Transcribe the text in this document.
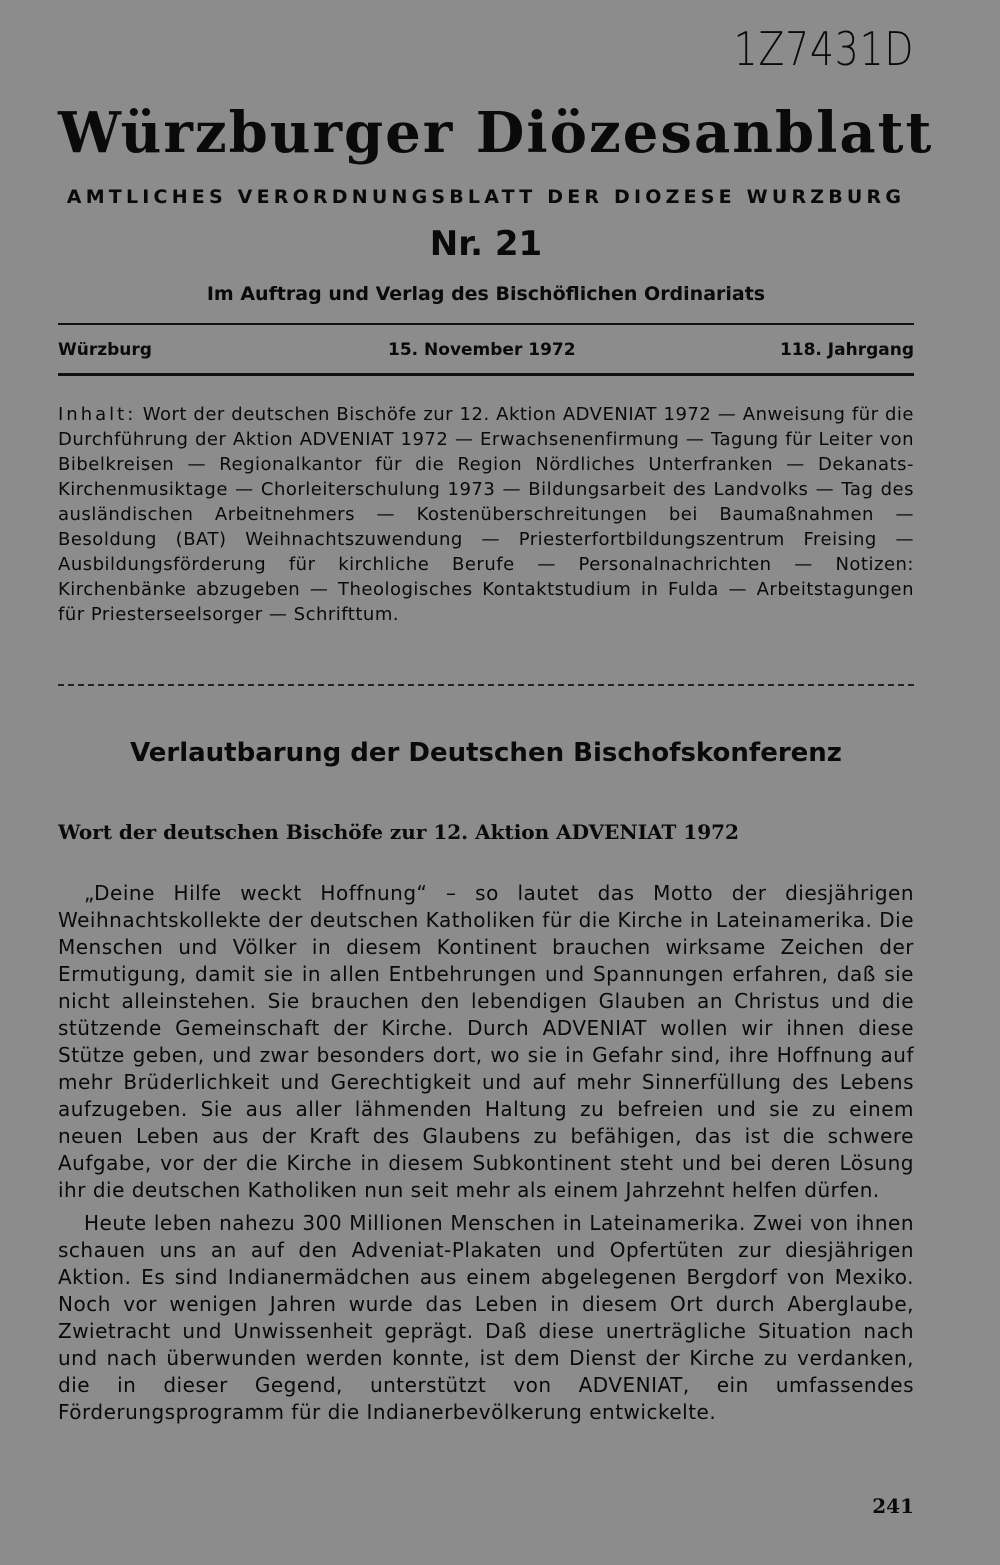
1Z7431D
Würzburger Diözesanblatt
AMTLICHES VERORDNUNGSBLATT DER DIOZESE WURZBURG
Nr. 21
Im Auftrag und Verlag des Bischöflichen Ordinariats
Würzburg	15. November 1972	118. Jahrgang
Inhalt: Wort der deutschen Bischöfe zur 12. Aktion ADVENIAT 1972 — Anweisung für die Durchführung der Aktion ADVENIAT 1972 — Erwachsenenfirmung — Tagung für Leiter von Bibelkreisen — Regionalkantor für die Region Nördliches Unterfranken — Dekanats-Kirchenmusiktage — Chorleiterschulung 1973 — Bildungsarbeit des Landvolks — Tag des ausländischen Arbeitnehmers — Kostenüberschreitungen bei Baumaßnahmen — Besoldung (BAT) Weihnachtszuwendung — Priesterfortbildungszentrum Freising — Ausbildungsförderung für kirchliche Berufe — Personalnachrichten — Notizen: Kirchenbänke abzugeben — Theologisches Kontaktstudium in Fulda — Arbeitstagungen für Priesterseelsorger — Schrifttum.
Verlautbarung der Deutschen Bischofskonferenz
Wort der deutschen Bischöfe zur 12. Aktion ADVENIAT 1972

„Deine Hilfe weckt Hoffnung“ – so lautet das Motto der diesjährigen Weihnachtskollekte der deutschen Katholiken für die Kirche in Lateinamerika. Die Menschen und Völker in diesem Kontinent brauchen wirksame Zeichen der Ermutigung, damit sie in allen Entbehrungen und Spannungen erfahren, daß sie nicht alleinstehen. Sie brauchen den lebendigen Glauben an Christus und die stützende Gemeinschaft der Kirche. Durch ADVENIAT wollen wir ihnen diese Stütze geben, und zwar besonders dort, wo sie in Gefahr sind, ihre Hoffnung auf mehr Brüderlichkeit und Gerechtigkeit und auf mehr Sinnerfüllung des Lebens aufzugeben. Sie aus aller lähmenden Haltung zu befreien und sie zu einem neuen Leben aus der Kraft des Glaubens zu befähigen, das ist die schwere Aufgabe, vor der die Kirche in diesem Subkontinent steht und bei deren Lösung ihr die deutschen Katholiken nun seit mehr als einem Jahrzehnt helfen dürfen.

Heute leben nahezu 300 Millionen Menschen in Lateinamerika. Zwei von ihnen schauen uns an auf den Adveniat-Plakaten und Opfertüten zur diesjährigen Aktion. Es sind Indianermädchen aus einem abgelegenen Bergdorf von Mexiko. Noch vor wenigen Jahren wurde das Leben in diesem Ort durch Aberglaube, Zwietracht und Unwissenheit geprägt. Daß diese unerträgliche Situation nach und nach überwunden werden konnte, ist dem Dienst der Kirche zu verdanken, die in dieser Gegend, unterstützt von ADVENIAT, ein umfassendes Förderungsprogramm für die Indianerbevölkerung entwickelte.

241
